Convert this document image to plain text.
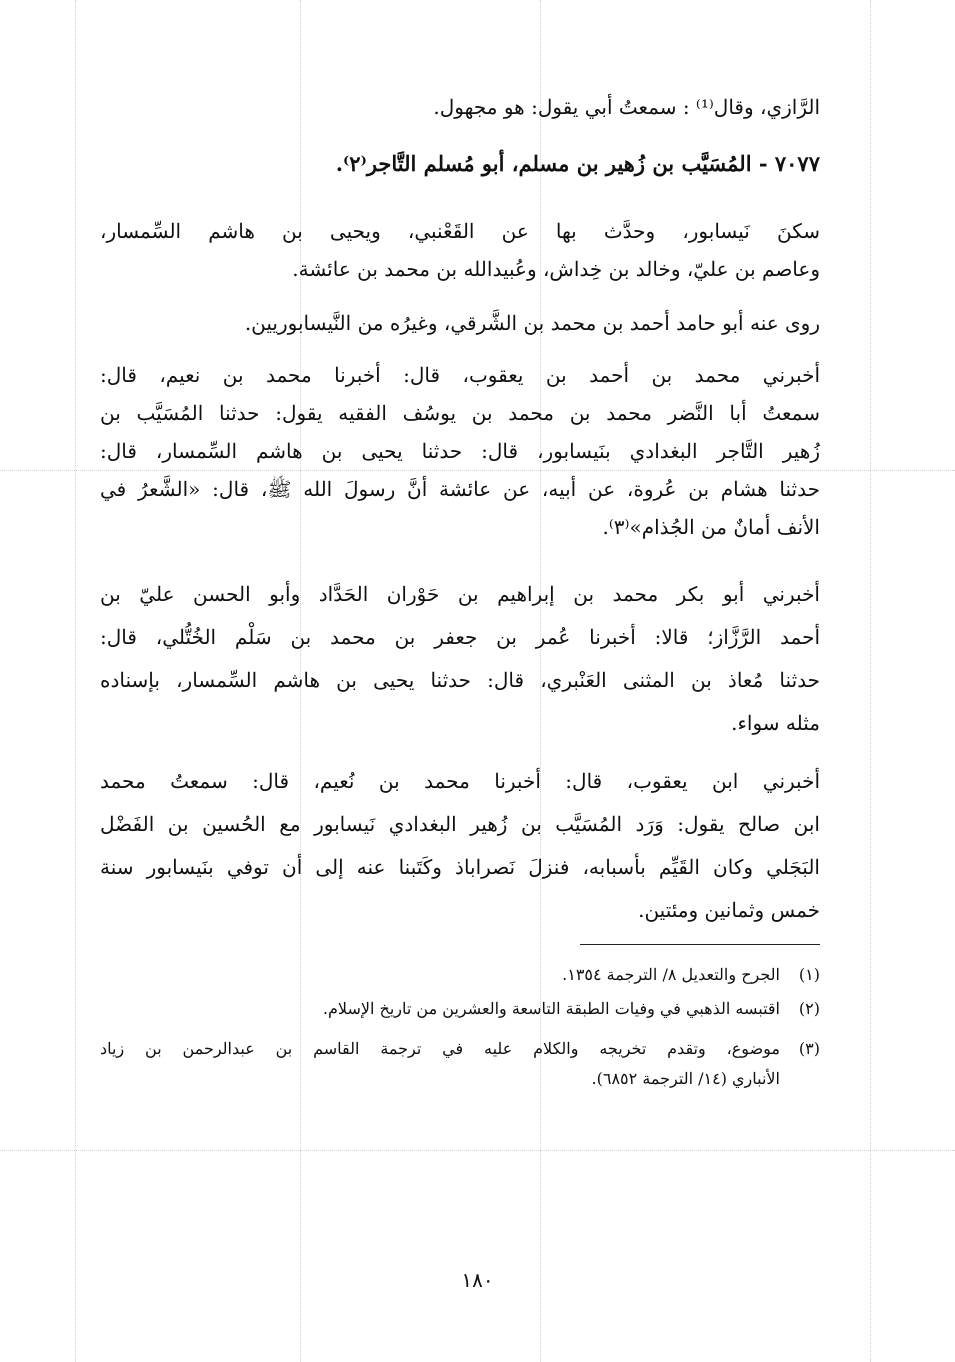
الرَّازي، وقال⁽¹⁾ : سمعتُ أبي يقول: هو مجهول.
٧٠٧٧ - المُسَيَّب بن زُهير بن مسلم، أبو مُسلم التَّاجر⁽٢⁾.
سكنَ نَيسابور، وحدَّث بها عن القَعْنبي، ويحيى بن هاشم السِّمسار،
وعاصم بن عليّ، وخالد بن خِداش، وعُبيدالله بن محمد بن عائشة.
روى عنه أبو حامد أحمد بن محمد بن الشَّرقي، وغيرُه من النَّيسابوريين.
أخبرني محمد بن أحمد بن يعقوب، قال: أخبرنا محمد بن نعيم، قال:
سمعتُ أبا النَّضر محمد بن محمد بن يوسُف الفقيه يقول: حدثنا المُسَيَّب بن
زُهير التَّاجر البغدادي بنَيسابور، قال: حدثنا يحيى بن هاشم السِّمسار، قال:
حدثنا هشام بن عُروة، عن أبيه، عن عائشة أنَّ رسولَ الله ﷺ، قال: «الشَّعرُ في
الأنف أمانٌ من الجُذام»⁽٣⁾.
أخبرني أبو بكر محمد بن إبراهيم بن حَوْران الحَدَّاد وأبو الحسن عليّ بن
أحمد الرَّزَّاز؛ قالا: أخبرنا عُمر بن جعفر بن محمد بن سَلْم الخُتُّلي، قال:
حدثنا مُعاذ بن المثنى العَنْبري، قال: حدثنا يحيى بن هاشم السِّمسار، بإسناده
مثله سواء.
أخبرني ابن يعقوب، قال: أخبرنا محمد بن نُعيم، قال: سمعتُ محمد
ابن صالح يقول: وَرَد المُسَيَّب بن زُهير البغدادي نَيسابور مع الحُسين بن الفَضْل
البَجَلي وكان القَيِّم بأسبابه، فنزلَ نَصراباذ وكَتَبنا عنه إلى أن توفي بنَيسابور سنة
خمس وثمانين ومئتين.
(١)الجرح والتعديل ٨/ الترجمة ١٣٥٤.
(٢)اقتبسه الذهبي في وفيات الطبقة التاسعة والعشرين من تاريخ الإسلام.
(٣)موضوع، وتقدم تخريجه والكلام عليه في ترجمة القاسم بن عبدالرحمن بن زياد
الأنباري (١٤/ الترجمة ٦٨٥٢).
١٨٠
